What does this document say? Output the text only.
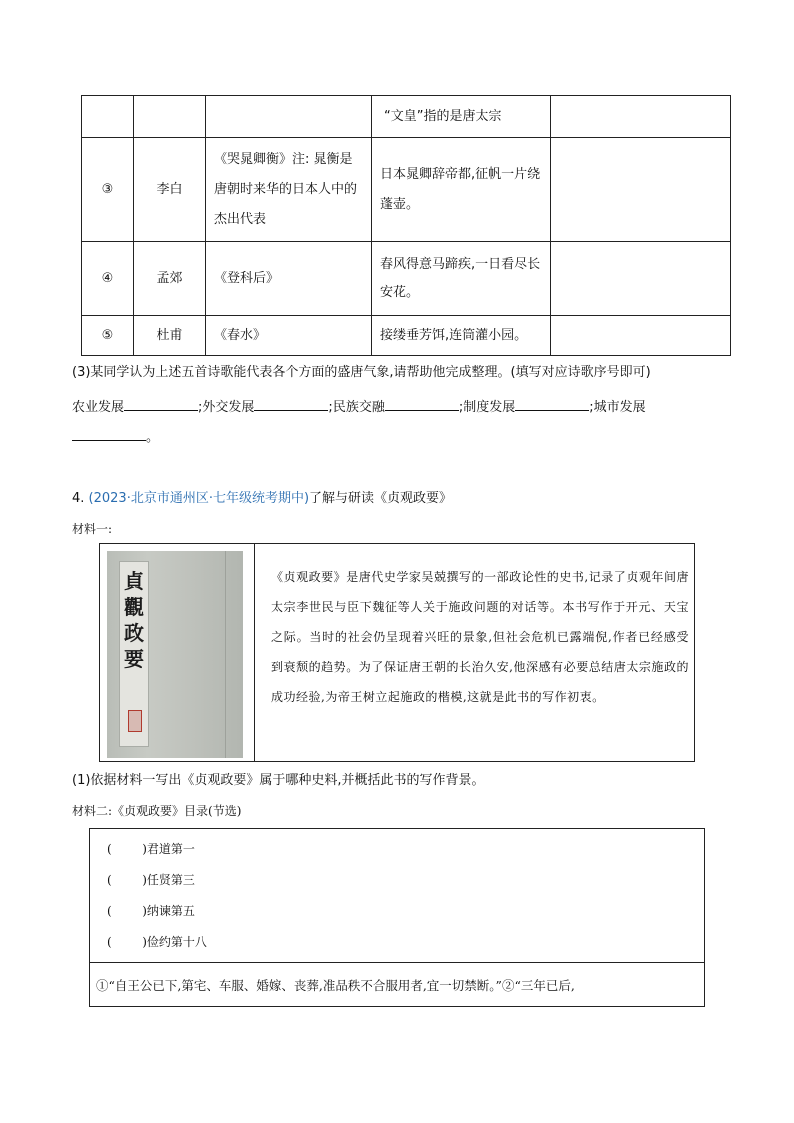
			“文皇”指的是唐太宗	
③	李白	《哭晁卿衡》注: 晁衡是唐朝时来华的日本人中的杰出代表	日本晁卿辞帝都,征帆一片绕蓬壶。	
④	孟郊	《登科后》	春风得意马蹄疾,一日看尽长安花。	
⑤	杜甫	《春水》	接缕垂芳饵,连筒灌小园。	
(3)某同学认为上述五首诗歌能代表各个方面的盛唐气象,请帮助他完成整理。(填写对应诗歌序号即可)
农业发展	;外交发展	;民族交融	;制度发展	;城市发展
。
4. (2023·北京市通州区·七年级统考期中)了解与研读《贞观政要》
材料一:
貞觀政要
《贞观政要》是唐代史学家吴兢撰写的一部政论性的史书,记录了贞观年间唐太宗李世民与臣下魏征等人关于施政问题的对话等。本书写作于开元、天宝之际。当时的社会仍呈现着兴旺的景象,但社会危机已露端倪,作者已经感受到衰颓的趋势。为了保证唐王朝的长治久安,他深感有必要总结唐太宗施政的成功经验,为帝王树立起施政的楷模,这就是此书的写作初衷。
(1)依据材料一写出《贞观政要》属于哪种史料,并概括此书的写作背景。
材料二:《贞观政要》目录(节选)
(        )君道第一
(        )任贤第三
(        )纳谏第五
(        )俭约第十八
①“自王公已下,第宅、车服、婚嫁、丧葬,准品秩不合服用者,宜一切禁断。”②“三年已后,
